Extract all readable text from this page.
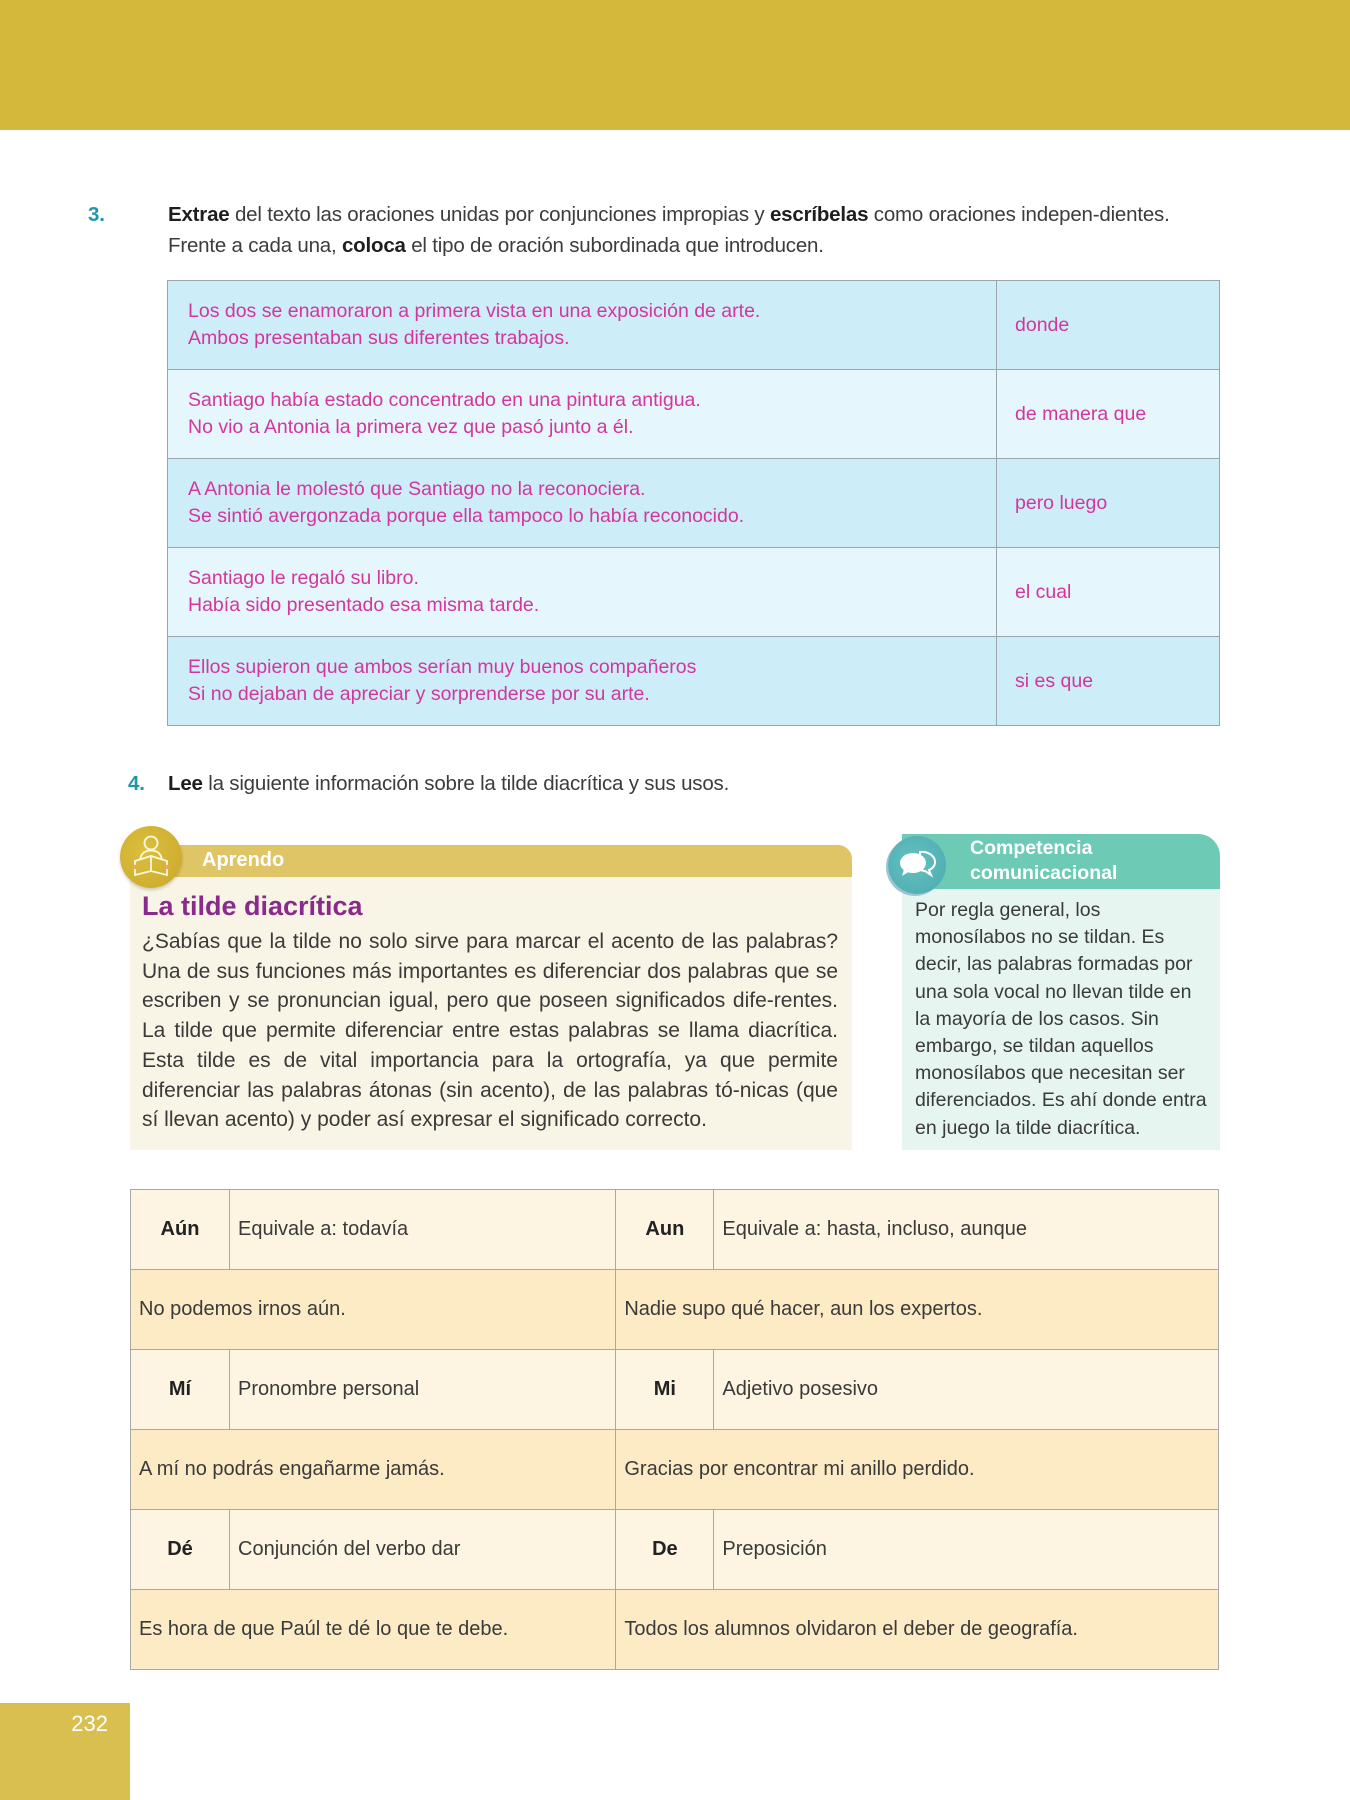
3.	Extrae del texto las oraciones unidas por conjunciones impropias y escríbelas como oraciones indepen-dientes. Frente a cada una, coloca el tipo de oración subordinada que introducen.

Los dos se enamoraron a primera vista en una exposición de arte.
Ambos presentaban sus diferentes trabajos.	donde

Santiago había estado concentrado en una pintura antigua.
No vio a Antonia la primera vez que pasó junto a él.	de manera que

A Antonia le molestó que Santiago no la reconociera.
Se sintió avergonzada porque ella tampoco lo había reconocido.	pero luego

Santiago le regaló su libro.
Había sido presentado esa misma tarde.	el cual

Ellos supieron que ambos serían muy buenos compañeros
Si no dejaban de apreciar y sorprenderse por su arte.	si es que

4. Lee la siguiente información sobre la tilde diacrítica y sus usos.

Aprendo
La tilde diacrítica

¿Sabías que la tilde no solo sirve para marcar el acento de las palabras? Una de sus funciones más importantes es diferenciar dos palabras que se escriben y se pronuncian igual, pero que poseen significados dife-rentes. La tilde que permite diferenciar entre estas palabras se llama diacrítica. Esta tilde es de vital importancia para la ortografía, ya que permite diferenciar las palabras átonas (sin acento), de las palabras tó-nicas (que sí llevan acento) y poder así expresar el significado correcto.

Competencia
comunicacional

Por regla general, los monosílabos no se tildan. Es decir, las palabras formadas por una sola vocal no llevan tilde en la mayoría de los casos. Sin embargo, se tildan aquellos monosílabos que necesitan ser diferenciados. Es ahí donde entra en juego la tilde diacrítica.

Aún	Equivale a: todavía	Aun	Equivale a: hasta, incluso, aunque
No podemos irnos aún.		Nadie supo qué hacer, aun los expertos.	
Mí	Pronombre personal	Mi	Adjetivo posesivo
A mí no podrás engañarme jamás.		Gracias por encontrar mi anillo perdido.	
Dé	Conjunción del verbo dar	De	Preposición
Es hora de que Paúl te dé lo que te debe.		Todos los alumnos olvidaron el deber de geografía.	
232
